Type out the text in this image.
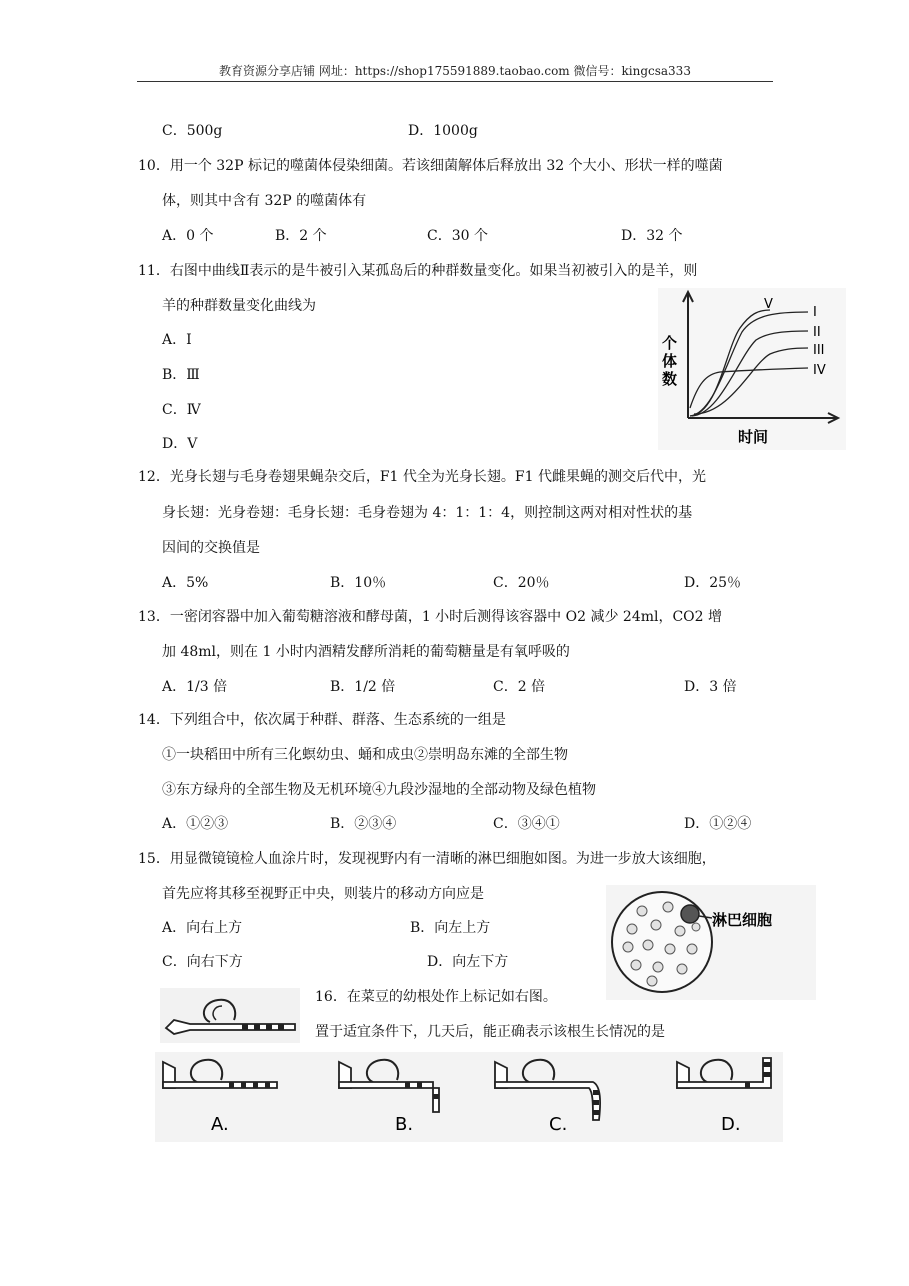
教育资源分享店铺 网址：https://shop175591889.taobao.com 微信号：kingcsa333
C．500g	D．1000g
10．用一个 32P 标记的噬菌体侵染细菌。若该细菌解体后释放出 32 个大小、形状一样的噬菌
体，则其中含有 32P 的噬菌体有
A．0 个	B．2 个	C．30 个	D．32 个
11．右图中曲线Ⅱ表示的是牛被引入某孤岛后的种群数量变化。如果当初被引入的是羊，则
羊的种群数量变化曲线为
A．I
B．Ⅲ
C．Ⅳ
D．V
个
体
数
时间
V
I
II
III
IV
12．光身长翅与毛身卷翅果蝇杂交后，F1 代全为光身长翅。F1 代雌果蝇的测交后代中，光
身长翅：光身卷翅：毛身长翅：毛身卷翅为 4：1：1：4，则控制这两对相对性状的基
因间的交换值是
A．5%	B．10％	C．20％	D．25％
13．一密闭容器中加入葡萄糖溶液和酵母菌，1 小时后测得该容器中 O2 减少 24ml，CO2 增
加 48ml，则在 1 小时内酒精发酵所消耗的葡萄糖量是有氧呼吸的
A．1/3 倍	B．1/2 倍	C．2 倍	D．3 倍
14．下列组合中，依次属于种群、群落、生态系统的一组是
①一块稻田中所有三化螟幼虫、蛹和成虫②崇明岛东滩的全部生物
③东方绿舟的全部生物及无机环境④九段沙湿地的全部动物及绿色植物
A．①②③	B．②③④	C．③④①	D．①②④
15．用显微镜镜检人血涂片时，发现视野内有一清晰的淋巴细胞如图。为进一步放大该细胞，
首先应将其移至视野正中央，则装片的移动方向应是
A．向右上方	B．向左上方
C．向右下方	D．向左下方
淋巴细胞
16．在菜豆的幼根处作上标记如右图。
置于适宜条件下，几天后，能正确表示该根生长情况的是
A.	B.	C.	D.
